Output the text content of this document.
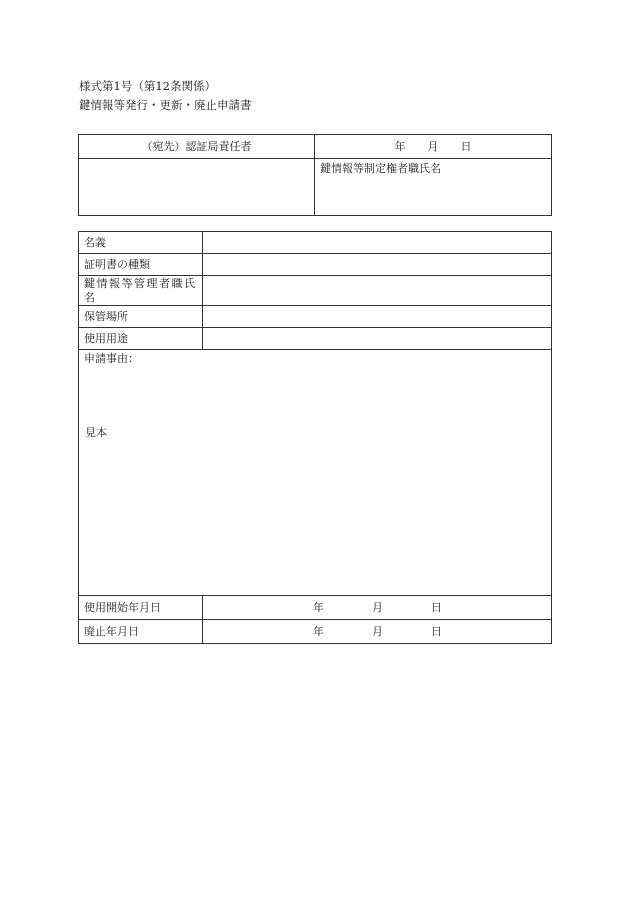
様式第1号（第12条関係）
鍵情報等発行・更新・廃止申請書
（宛先）認証局責任者	年 月 日
	鍵情報等制定権者職氏名
名義	
証明書の種類	
鍵情報等管理者職氏名	
保管場所	
使用用途	

申請事由：
見本	

使用開始年月日	年 月 日
廃止年月日	年 月 日
